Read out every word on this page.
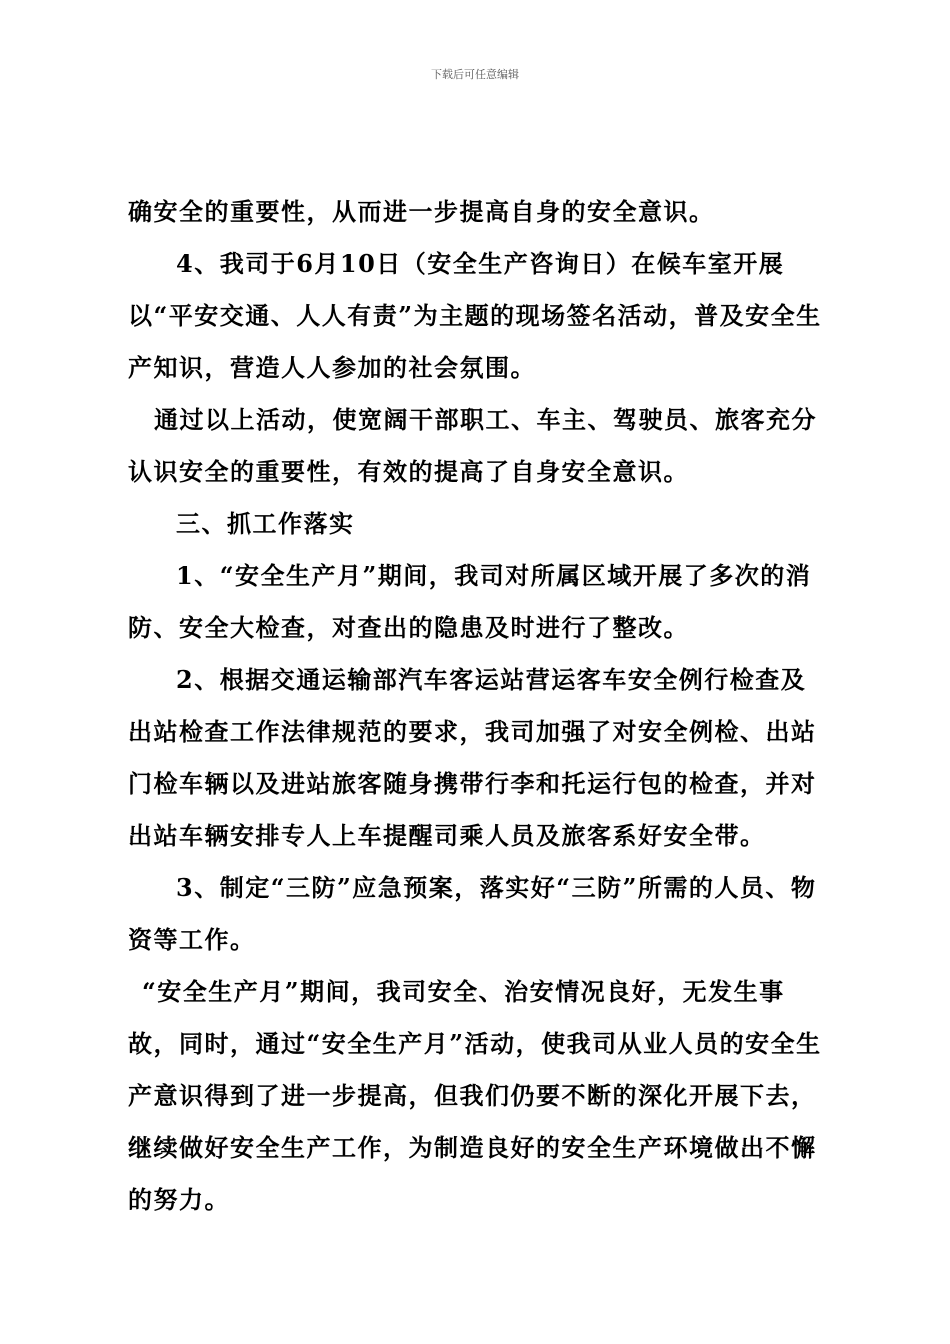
下载后可任意编辑

确安全的重要性，从而进一步提高自身的安全意识。

4、我司于6月10日（安全生产咨询日）在候车室开展以“平安交通、人人有责”为主题的现场签名活动，普及安全生产知识，营造人人参加的社会氛围。

通过以上活动，使宽阔干部职工、车主、驾驶员、旅客充分认识安全的重要性，有效的提高了自身安全意识。

三、抓工作落实

1、“安全生产月”期间，我司对所属区域开展了多次的消防、安全大检查，对查出的隐患及时进行了整改。

2、根据交通运输部汽车客运站营运客车安全例行检查及出站检查工作法律规范的要求，我司加强了对安全例检、出站门检车辆以及进站旅客随身携带行李和托运行包的检查，并对出站车辆安排专人上车提醒司乘人员及旅客系好安全带。

3、制定“三防”应急预案，落实好“三防”所需的人员、物资等工作。

“安全生产月”期间，我司安全、治安情况良好，无发生事故，同时，通过“安全生产月”活动，使我司从业人员的安全生产意识得到了进一步提高，但我们仍要不断的深化开展下去，继续做好安全生产工作，为制造良好的安全生产环境做出不懈的努力。
